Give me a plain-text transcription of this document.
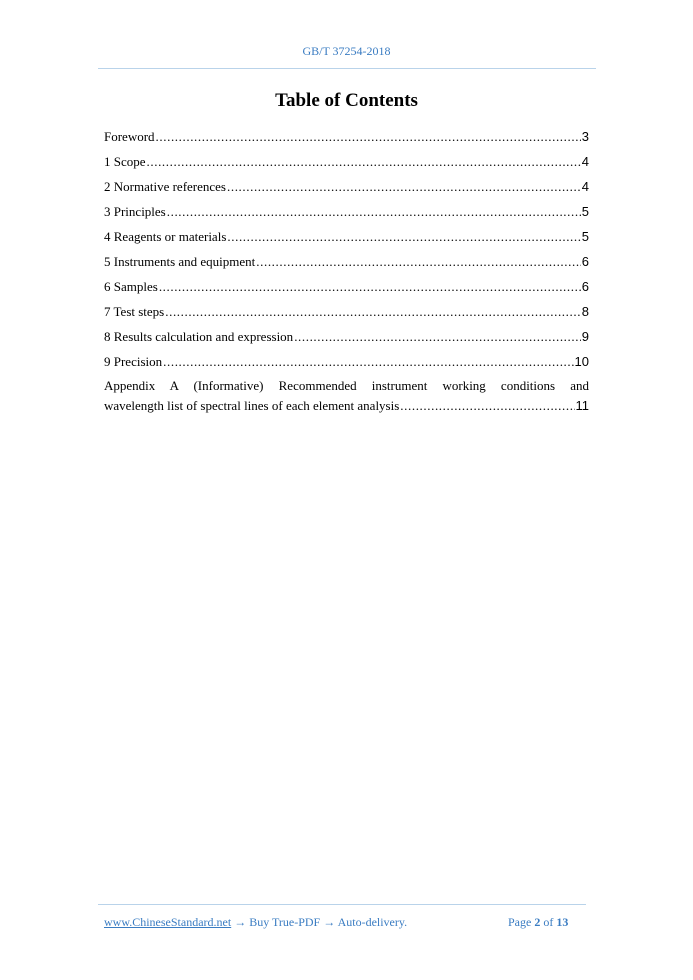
GB/T 37254-2018
Table of Contents
Foreword .....	3
1 Scope .....	4
2 Normative references .....	4
3 Principles .....	5
4 Reagents or materials .....	5
5 Instruments and equipment .....	6
6 Samples .....	6
7 Test steps .....	8
8 Results calculation and expression .....	9
9 Precision .....	10
Appendix A (Informative) Recommended instrument working conditions and
wavelength list of spectral lines of each element analysis .....	11
www.ChineseStandard.net → Buy True-PDF → Auto-delivery.	Page 2 of 13
